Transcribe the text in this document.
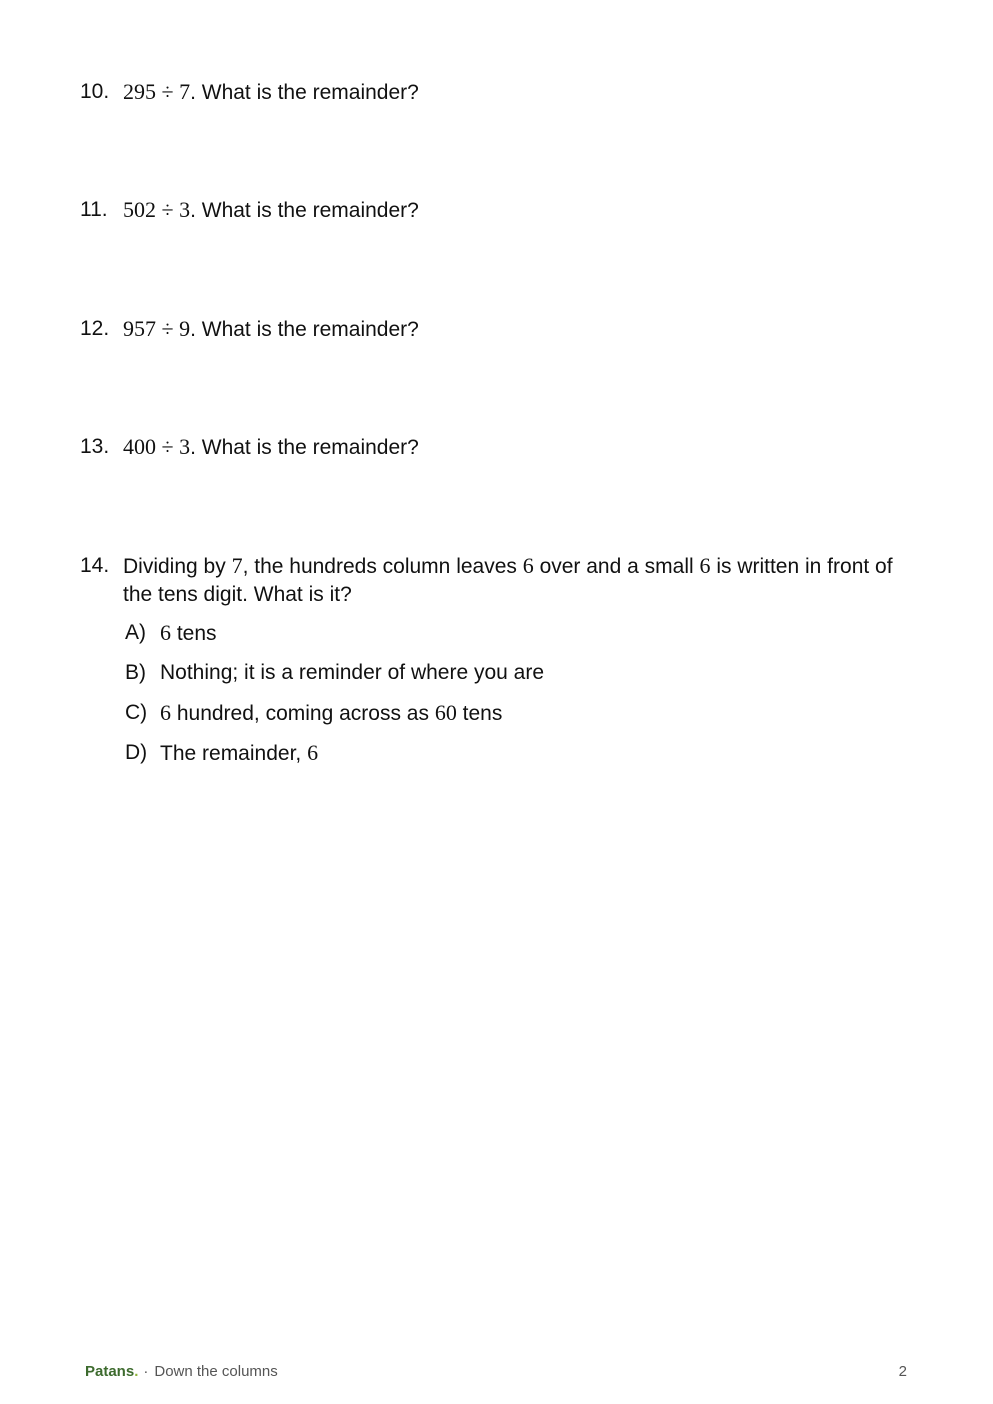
10. 295 ÷ 7. What is the remainder?
11. 502 ÷ 3. What is the remainder?
12. 957 ÷ 9. What is the remainder?
13. 400 ÷ 3. What is the remainder?
14. Dividing by 7, the hundreds column leaves 6 over and a small 6 is written in front of the tens digit. What is it?
A) 6 tens
B) Nothing; it is a reminder of where you are
C) 6 hundred, coming across as 60 tens
D) The remainder, 6
Patans. · Down the columns	2
